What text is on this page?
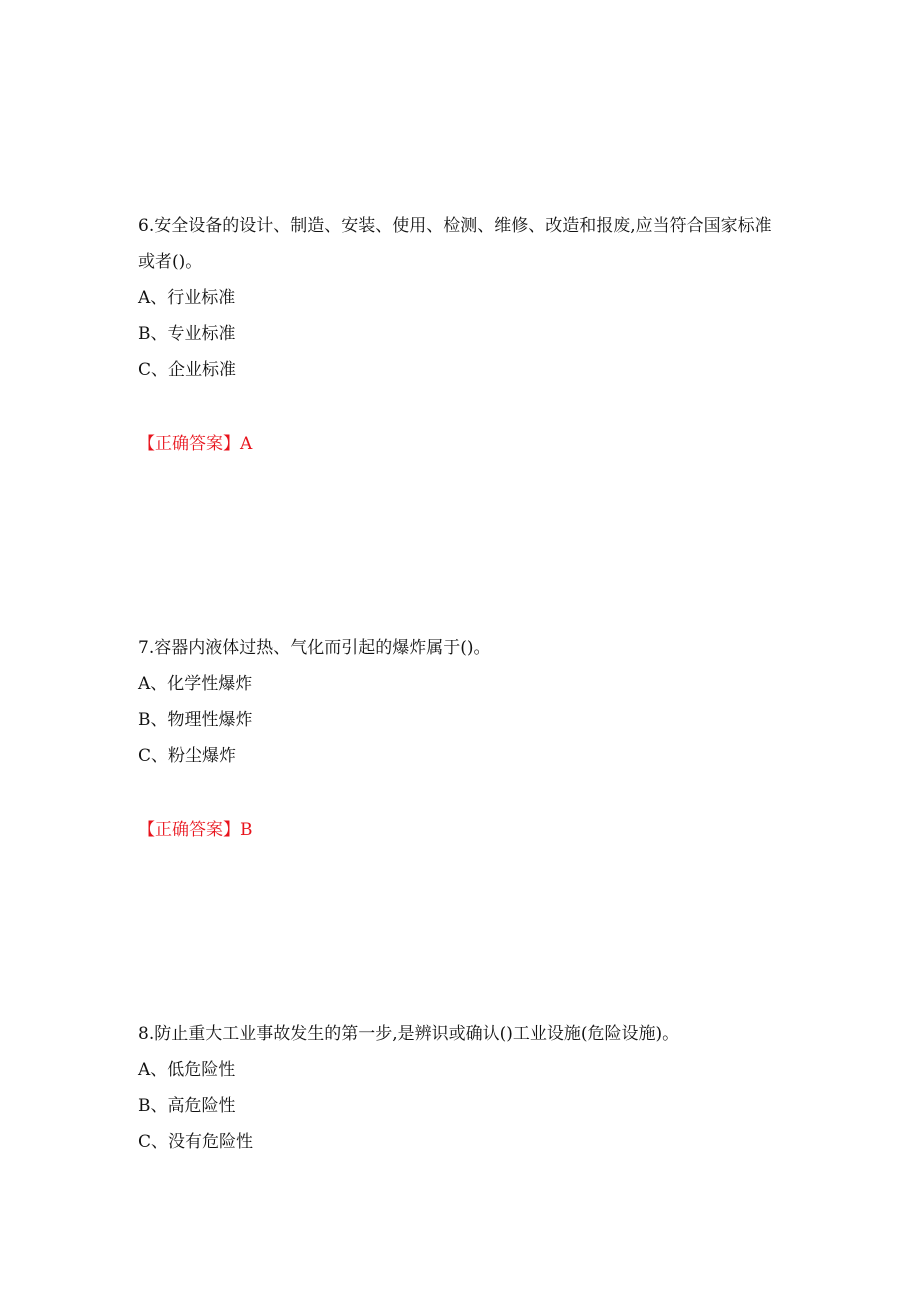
6.安全设备的设计、制造、安装、使用、检测、维修、改造和报废,应当符合国家标准或者()。

A、行业标准

B、专业标准

C、企业标准

【正确答案】A

7.容器内液体过热、气化而引起的爆炸属于()。

A、化学性爆炸

B、物理性爆炸

C、粉尘爆炸

【正确答案】B

8.防止重大工业事故发生的第一步,是辨识或确认()工业设施(危险设施)。

A、低危险性

B、高危险性

C、没有危险性
